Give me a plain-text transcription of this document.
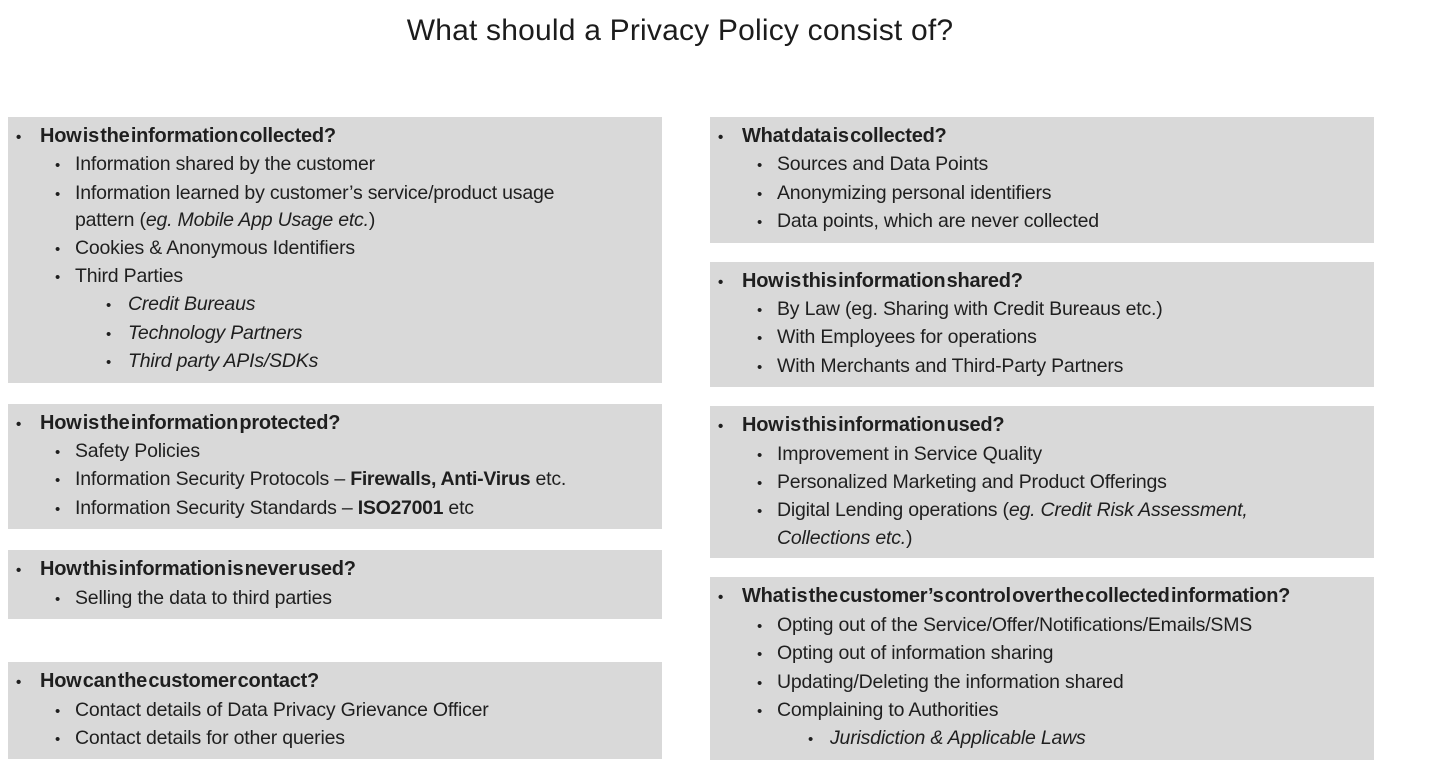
What should a Privacy Policy consist of?
• How is the information collected?
• Information shared by the customer
• Information learned by customer’s service/product usage
pattern (eg. Mobile App Usage etc.)
• Cookies & Anonymous Identifiers
• Third Parties
• Credit Bureaus
• Technology Partners
• Third party APIs/SDKs
• How is the information protected?
• Safety Policies
• Information Security Protocols – Firewalls, Anti-Virus etc.
• Information Security Standards – ISO27001 etc
• How this information is never used?
• Selling the data to third parties
• How can the customer contact?
• Contact details of Data Privacy Grievance Officer
• Contact details for other queries
• What data is collected?
• Sources and Data Points
• Anonymizing personal identifiers
• Data points, which are never collected
• How is this information shared?
• By Law (eg. Sharing with Credit Bureaus etc.)
• With Employees for operations
• With Merchants and Third-Party Partners
• How is this information used?
• Improvement in Service Quality
• Personalized Marketing and Product Offerings
• Digital Lending operations (eg. Credit Risk Assessment,
Collections etc.)
• What is the customer’s control over the collected information?
• Opting out of the Service/Offer/Notifications/Emails/SMS
• Opting out of information sharing
• Updating/Deleting the information shared
• Complaining to Authorities
• Jurisdiction & Applicable Laws
